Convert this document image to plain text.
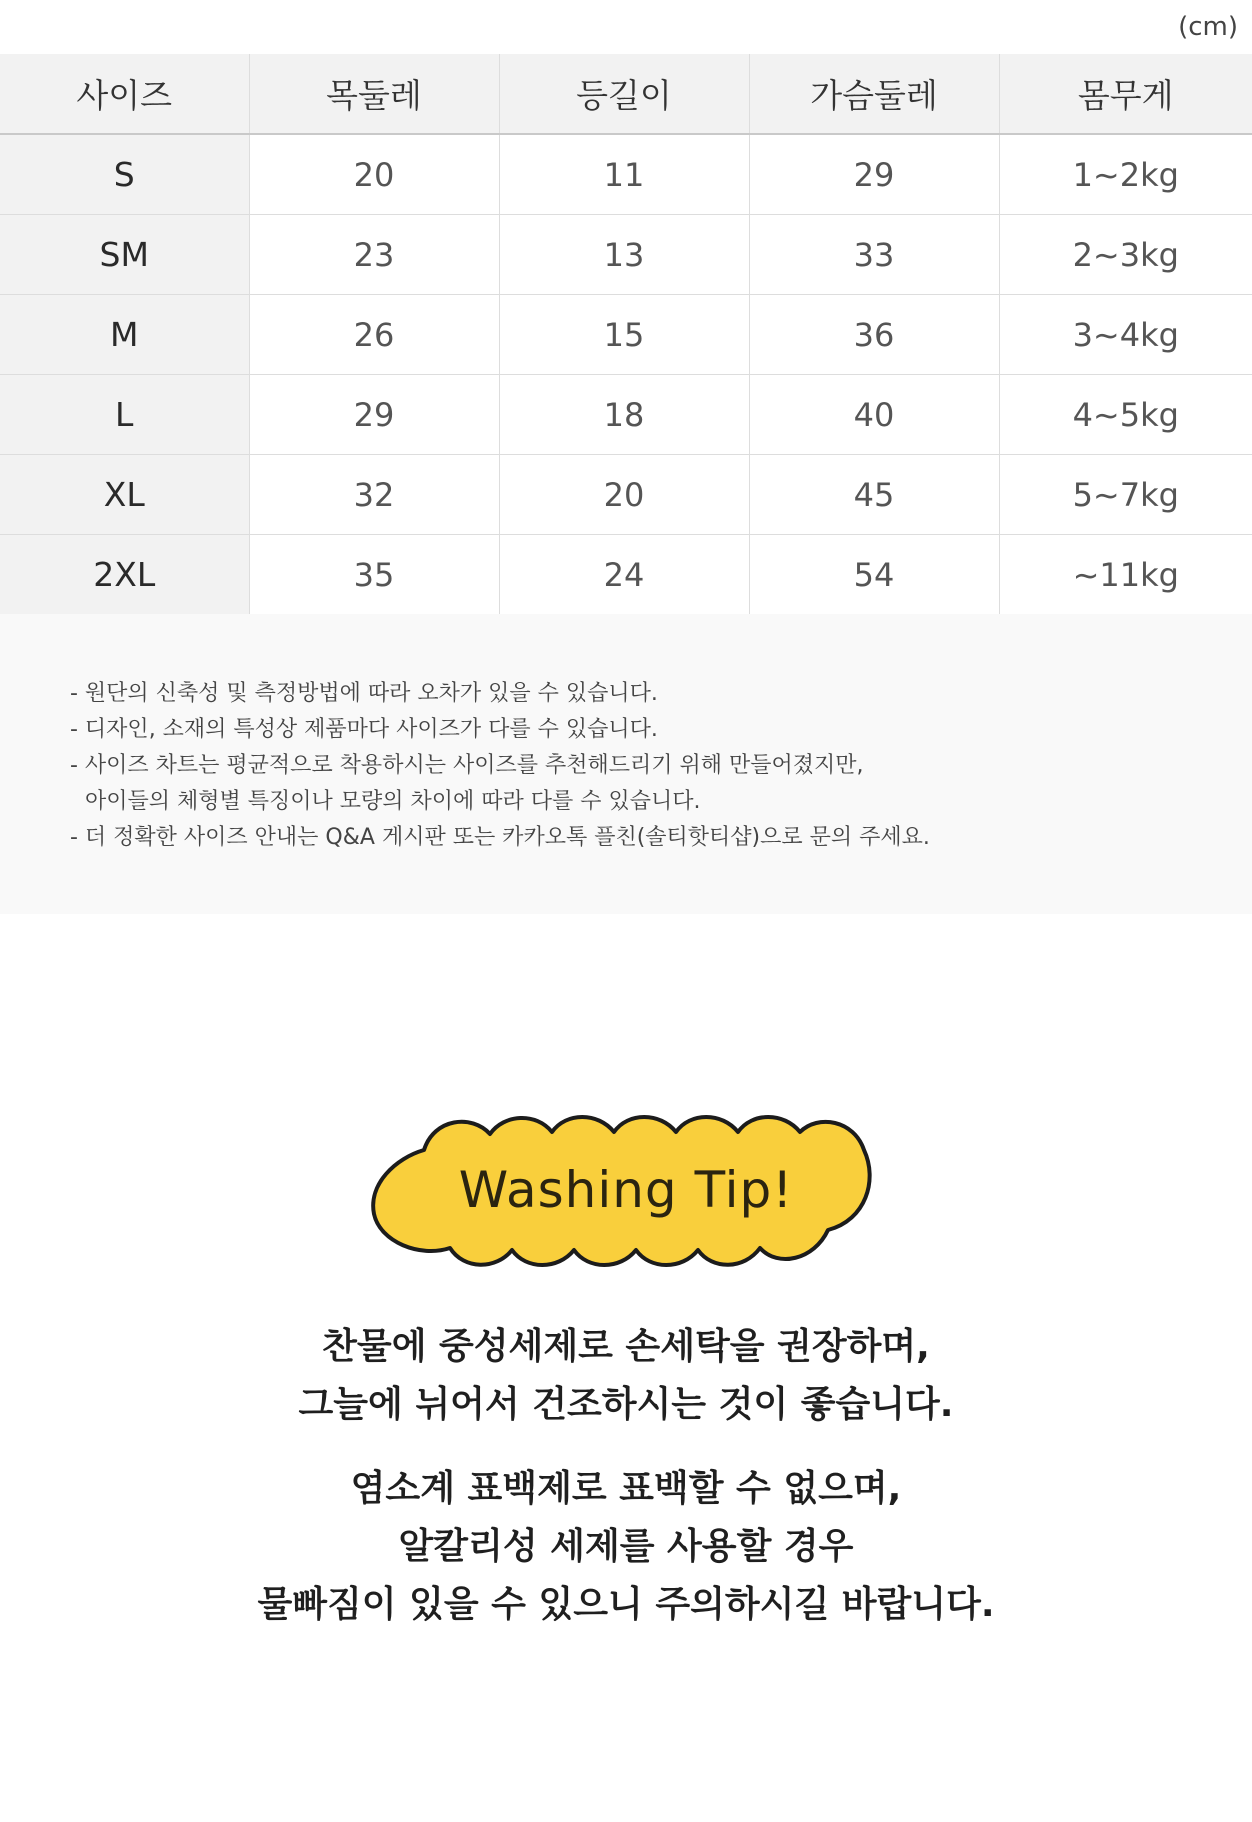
(cm)
사이즈	목둘레	등길이	가슴둘레	몸무게
S	20	11	29	1~2kg
SM	23	13	33	2~3kg
M	26	15	36	3~4kg
L	29	18	40	4~5kg
XL	32	20	45	5~7kg
2XL	35	24	54	~11kg
- 원단의 신축성 및 측정방법에 따라 오차가 있을 수 있습니다.
- 디자인, 소재의 특성상 제품마다 사이즈가 다를 수 있습니다.
- 사이즈 차트는 평균적으로 착용하시는 사이즈를 추천해드리기 위해 만들어졌지만,
아이들의 체형별 특징이나 모량의 차이에 따라 다를 수 있습니다.
- 더 정확한 사이즈 안내는 Q&A 게시판 또는 카카오톡 플친(솔티핫티샵)으로 문의 주세요.
Washing Tip!

찬물에 중성세제로 손세탁을 권장하며,
그늘에 뉘어서 건조하시는 것이 좋습니다.

염소계 표백제로 표백할 수 없으며,
알칼리성 세제를 사용할 경우
물빠짐이 있을 수 있으니 주의하시길 바랍니다.
